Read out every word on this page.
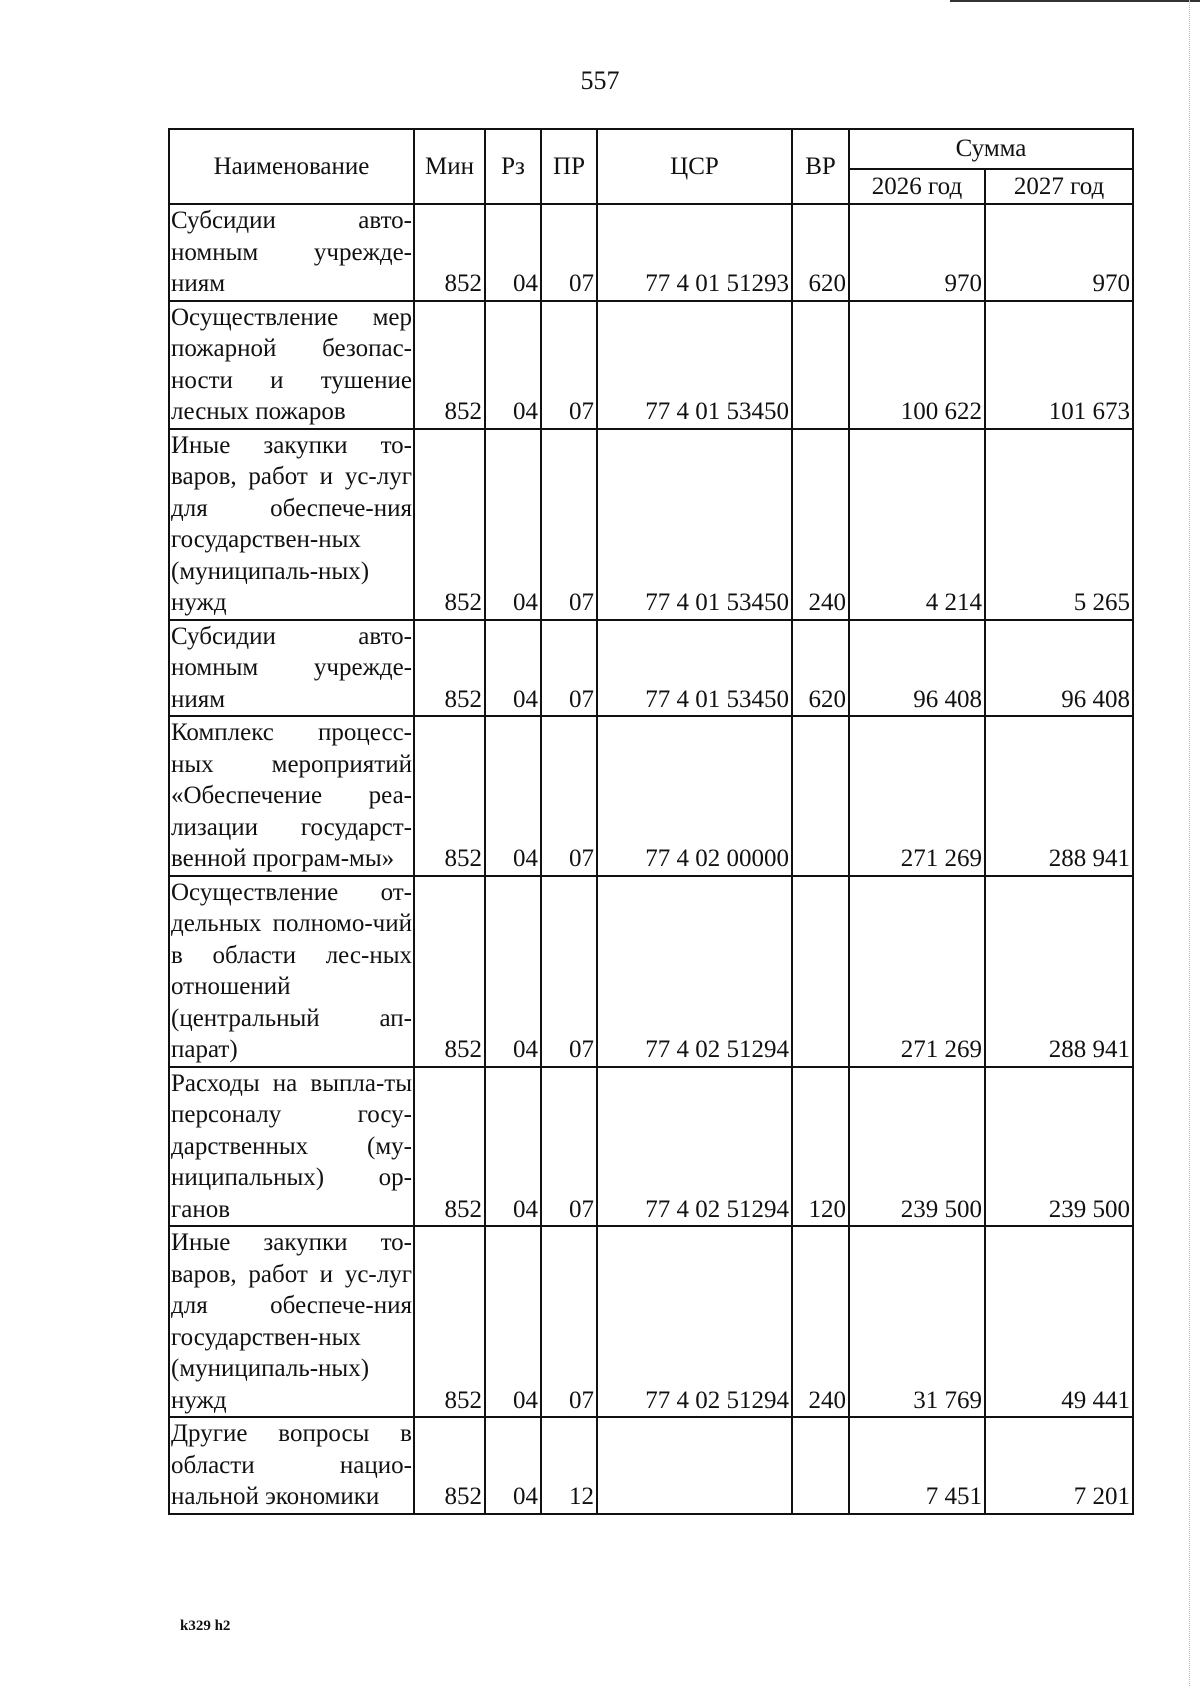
557
Наименование	Мин	Рз	ПР	ЦСР	ВР	Сумма	
						2026 год	2027 год
Субсидии авто-номным учрежде-ниям	852	04	07	77 4 01 51293	620	970	970
Осуществление мер пожарной безопас-ности и тушение лесных пожаров	852	04	07	77 4 01 53450		100 622	101 673
Иные закупки то-варов, работ и ус-луг для обеспече-ния государствен-ных (муниципаль-ных) нужд	852	04	07	77 4 01 53450	240	4 214	5 265
Субсидии авто-номным учрежде-ниям	852	04	07	77 4 01 53450	620	96 408	96 408
Комплекс процесс-ных мероприятий «Обеспечение реа-лизации государст-венной програм-мы»	852	04	07	77 4 02 00000		271 269	288 941
Осуществление от-дельных полномо-чий в области лес-ных отношений (центральный ап-парат)	852	04	07	77 4 02 51294		271 269	288 941
Расходы на выпла-ты персоналу госу-дарственных (му-ниципальных) ор-ганов	852	04	07	77 4 02 51294	120	239 500	239 500
Иные закупки то-варов, работ и ус-луг для обеспече-ния государствен-ных (муниципаль-ных) нужд	852	04	07	77 4 02 51294	240	31 769	49 441
Другие вопросы в области нацио-нальной экономики	852	04	12			7 451	7 201
k329 h2
